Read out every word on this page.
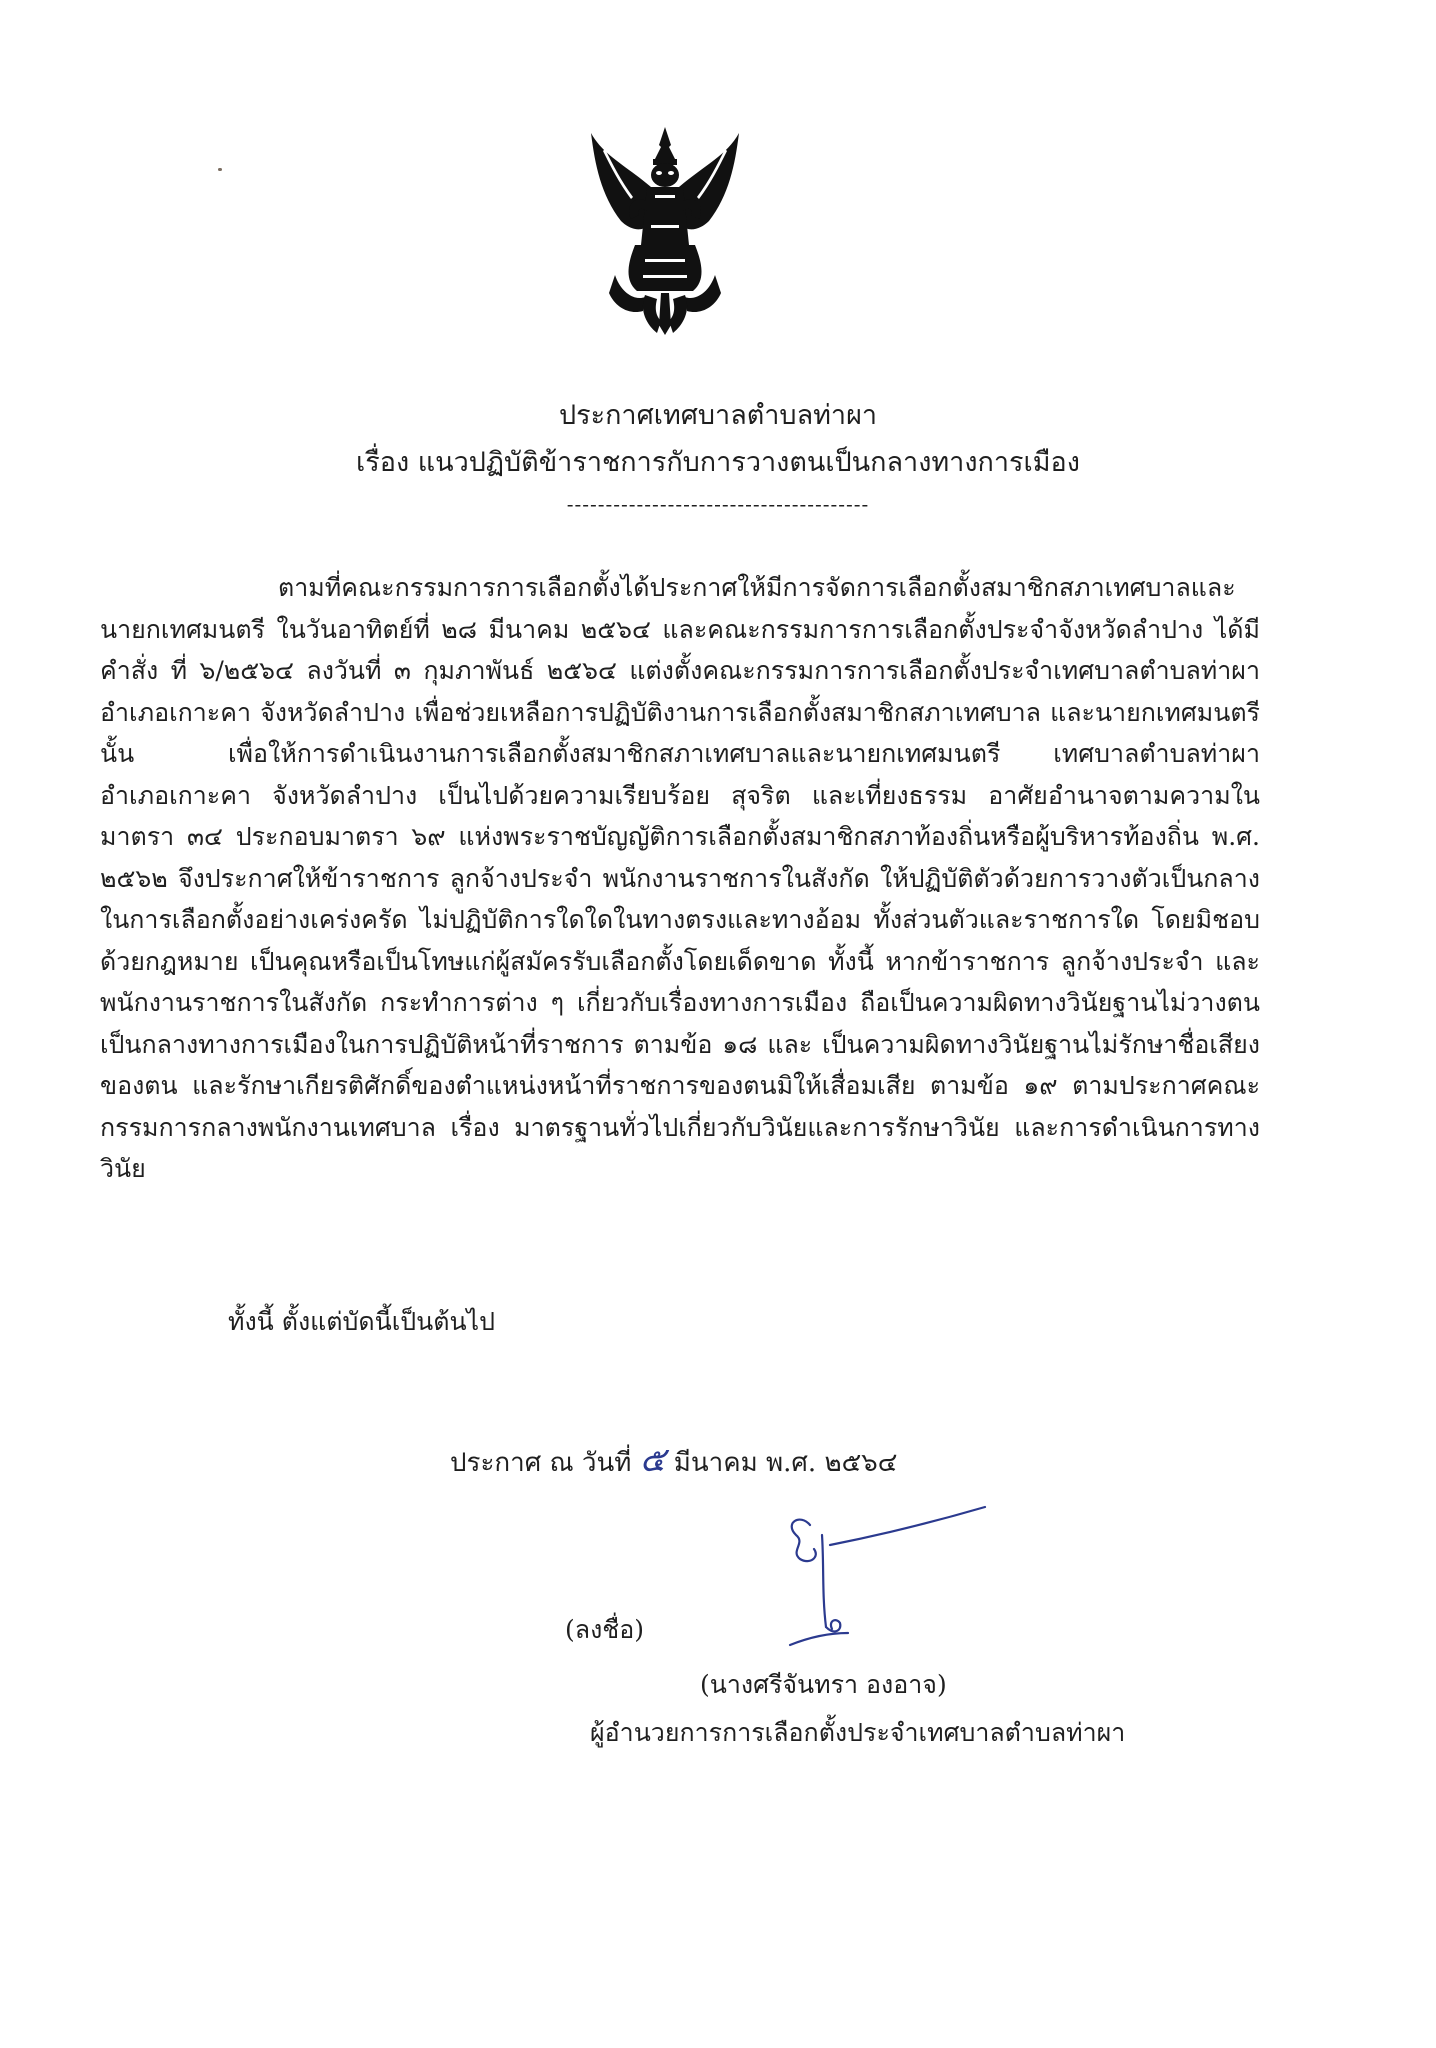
ประกาศเทศบาลตำบลท่าผา
เรื่อง แนวปฏิบัติข้าราชการกับการวางตนเป็นกลางทางการเมือง
---------------------------------------

ตามที่คณะกรรมการการเลือกตั้งได้ประกาศให้มีการจัดการเลือกตั้งสมาชิกสภาเทศบาลและนายกเทศมนตรี ในวันอาทิตย์ที่ ๒๘ มีนาคม ๒๕๖๔ และคณะกรรมการการเลือกตั้งประจำจังหวัดลำปาง ได้มีคำสั่ง ที่ ๖/๒๕๖๔ ลงวันที่ ๓ กุมภาพันธ์ ๒๕๖๔ แต่งตั้งคณะกรรมการการเลือกตั้งประจำเทศบาลตำบลท่าผา อำเภอเกาะคา จังหวัดลำปาง เพื่อช่วยเหลือการปฏิบัติงานการเลือกตั้งสมาชิกสภาเทศบาล และนายกเทศมนตรี นั้น	เพื่อให้การดำเนินงานการเลือกตั้งสมาชิกสภาเทศบาลและนายกเทศมนตรี เทศบาลตำบลท่าผา อำเภอเกาะคา จังหวัดลำปาง เป็นไปด้วยความเรียบร้อย สุจริต และเที่ยงธรรม อาศัยอำนาจตามความในมาตรา ๓๔ ประกอบมาตรา ๖๙ แห่งพระราชบัญญัติการเลือกตั้งสมาชิกสภาท้องถิ่นหรือผู้บริหารท้องถิ่น พ.ศ. ๒๕๖๒ จึงประกาศให้ข้าราชการ ลูกจ้างประจำ พนักงานราชการในสังกัด ให้ปฏิบัติตัวด้วยการวางตัวเป็นกลางในการเลือกตั้งอย่างเคร่งครัด ไม่ปฏิบัติการใดใดในทางตรงและทางอ้อม ทั้งส่วนตัวและราชการใด โดยมิชอบด้วยกฎหมาย เป็นคุณหรือเป็นโทษแก่ผู้สมัครรับเลือกตั้งโดยเด็ดขาด ทั้งนี้ หากข้าราชการ ลูกจ้างประจำ และพนักงานราชการในสังกัด กระทำการต่าง ๆ เกี่ยวกับเรื่องทางการเมือง ถือเป็นความผิดทางวินัยฐานไม่วางตนเป็นกลางทางการเมืองในการปฏิบัติหน้าที่ราชการ ตามข้อ ๑๘ และ เป็นความผิดทางวินัยฐานไม่รักษาชื่อเสียงของตน และรักษาเกียรติศักดิ์ของตำแหน่งหน้าที่ราชการของตนมิให้เสื่อมเสีย ตามข้อ ๑๙ ตามประกาศคณะกรรมการกลางพนักงานเทศบาล เรื่อง มาตรฐานทั่วไปเกี่ยวกับวินัยและการรักษาวินัย และการดำเนินการทางวินัย

ทั้งนี้ ตั้งแต่บัดนี้เป็นต้นไป
ประกาศ ณ วันที่ ๕ มีนาคม พ.ศ. ๒๕๖๔
(ลงชื่อ)
(นางศรีจันทรา องอาจ)
ผู้อำนวยการการเลือกตั้งประจำเทศบาลตำบลท่าผา
